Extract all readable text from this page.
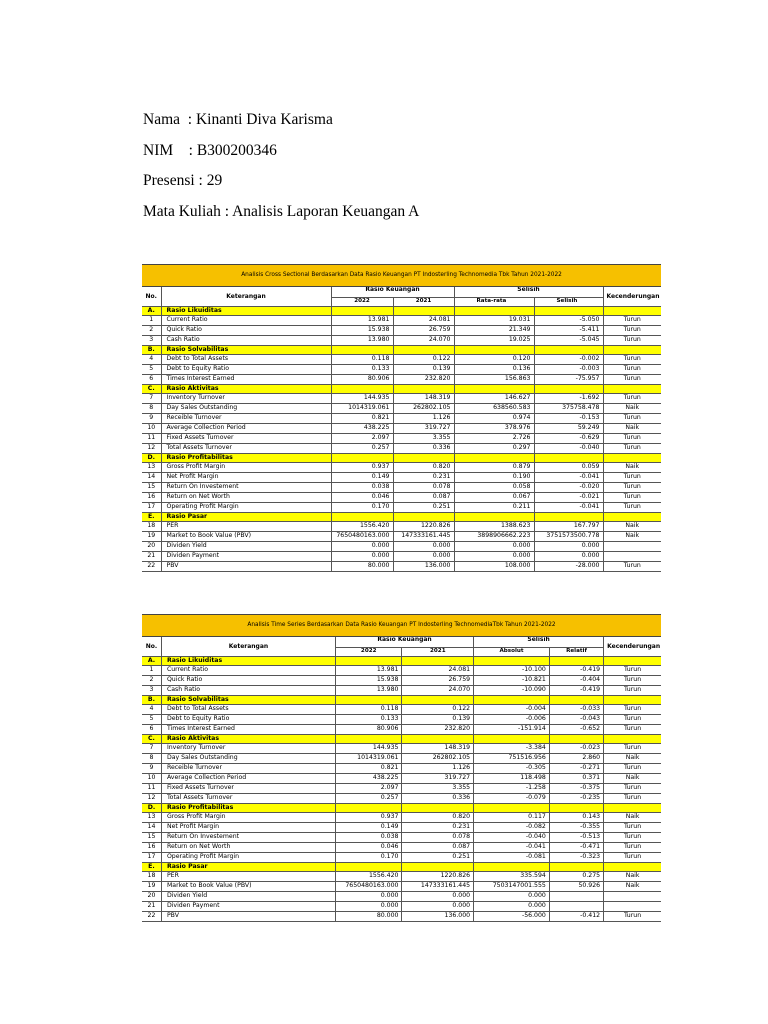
Nama  : Kinanti Diva Karisma
NIM    : B300200346
Presensi : 29
Mata Kuliah : Analisis Laporan Keuangan A
Analisis Cross Sectional Berdasarkan Data Rasio Keuangan PT Indosterling Technomedia Tbk Tahun 2021-2022						
No.	Keterangan	Rasio Keuangan		Selisih		Kecenderungan
		2022	2021	Rata-rata	Selisih	
A.	Rasio Likuiditas					
1	Current Ratio	13.981	24.081	19.031	-5.050	Turun
2	Quick Ratio	15.938	26.759	21.349	-5.411	Turun
3	Cash Ratio	13.980	24.070	19.025	-5.045	Turun
B.	Rasio Solvabilitas					
4	Debt to Total Assets	0.118	0.122	0.120	-0.002	Turun
5	Debt to Equity Ratio	0.133	0.139	0.136	-0.003	Turun
6	Times Interest Earned	80.906	232.820	156.863	-75.957	Turun
C.	Rasio Aktivitas					
7	Inventory Turnover	144.935	148.319	146.627	-1.692	Turun
8	Day Sales Outstanding	1014319.061	262802.105	638560.583	375758.478	Naik
9	Receible Turnover	0.821	1.126	0.974	-0.153	Turun
10	Average Collection Period	438.225	319.727	378.976	59.249	Naik
11	Fixed Assets Turnover	2.097	3.355	2.726	-0.629	Turun
12	Total Assets Turnover	0.257	0.336	0.297	-0.040	Turun
D.	Rasio Profitabilitas					
13	Gross Profit Margin	0.937	0.820	0.879	0.059	Naik
14	Net Profit Margin	0.149	0.231	0.190	-0.041	Turun
15	Return On Investement	0.038	0.078	0.058	-0.020	Turun
16	Return on Net Worth	0.046	0.087	0.067	-0.021	Turun
17	Operating Profit Margin	0.170	0.251	0.211	-0.041	Turun
E.	Rasio Pasar					
18	PER	1556.420	1220.826	1388.623	167.797	Naik
19	Market to Book Value (PBV)	7650480163.000	147333161.445	3898906662.223	3751573500.778	Naik
20	Dividen Yield	0.000	0.000	0.000	0.000	
21	Dividen Payment	0.000	0.000	0.000	0.000	
22	PBV	80.000	136.000	108.000	-28.000	Turun
Analisis Time Series Berdasarkan Data Rasio Keuangan PT Indosterling TechnomediaTbk Tahun 2021-2022						
No.	Keterangan	Rasio Keuangan		Selisih		Kecenderungan
		2022	2021	Absolut	Relatif	
A.	Rasio Likuiditas					
1	Current Ratio	13.981	24.081	-10.100	-0.419	Turun
2	Quick Ratio	15.938	26.759	-10.821	-0.404	Turun
3	Cash Ratio	13.980	24.070	-10.090	-0.419	Turun
B.	Rasio Solvabilitas					
4	Debt to Total Assets	0.118	0.122	-0.004	-0.033	Turun
5	Debt to Equity Ratio	0.133	0.139	-0.006	-0.043	Turun
6	Times Interest Earned	80.906	232.820	-151.914	-0.652	Turun
C.	Rasio Aktivitas					
7	Inventory Turnover	144.935	148.319	-3.384	-0.023	Turun
8	Day Sales Outstanding	1014319.061	262802.105	751516.956	2.860	Naik
9	Receible Turnover	0.821	1.126	-0.305	-0.271	Turun
10	Average Collection Period	438.225	319.727	118.498	0.371	Naik
11	Fixed Assets Turnover	2.097	3.355	-1.258	-0.375	Turun
12	Total Assets Turnover	0.257	0.336	-0.079	-0.235	Turun
D.	Rasio Profitabilitas					
13	Gross Profit Margin	0.937	0.820	0.117	0.143	Naik
14	Net Profit Margin	0.149	0.231	-0.082	-0.355	Turun
15	Return On Investement	0.038	0.078	-0.040	-0.513	Turun
16	Return on Net Worth	0.046	0.087	-0.041	-0.471	Turun
17	Operating Profit Margin	0.170	0.251	-0.081	-0.323	Turun
E.	Rasio Pasar					
18	PER	1556.420	1220.826	335.594	0.275	Naik
19	Market to Book Value (PBV)	7650480163.000	147333161.445	7503147001.555	50.926	Naik
20	Dividen Yield	0.000	0.000	0.000		
21	Dividen Payment	0.000	0.000	0.000		
22	PBV	80.000	136.000	-56.000	-0.412	Turun
